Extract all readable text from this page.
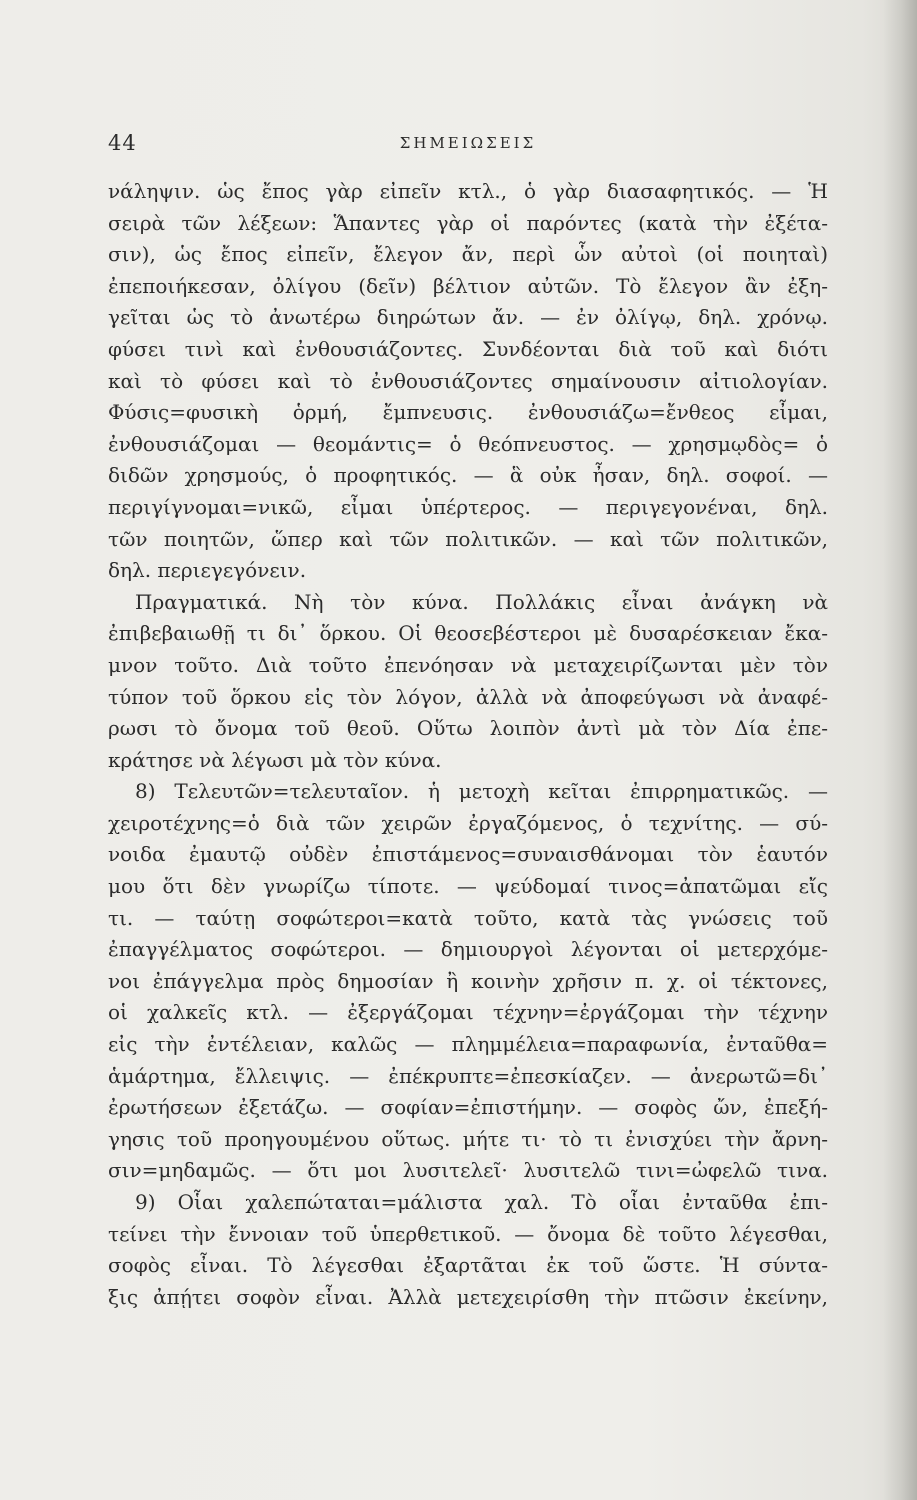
44	ΣΗΜΕΙΩΣΕΙΣ
νάληψιν. ὡς ἔπος γὰρ εἰπεῖν κτλ., ὁ γὰρ διασαφητικός. — Ἡ
σειρὰ τῶν λέξεων: Ἅπαντες γὰρ οἱ παρόντες (κατὰ τὴν ἐξέτα-
σιν), ὡς ἔπος εἰπεῖν, ἔλεγον ἄν, περὶ ὧν αὐτοὶ (οἱ ποιηταὶ)
ἐπεποιήκεσαν, ὀλίγου (δεῖν) βέλτιον αὐτῶν. Τὸ ἔλεγον ἂν ἐξη-
γεῖται ὡς τὸ ἀνωτέρω διηρώτων ἄν. — ἐν ὀλίγῳ, δηλ. χρόνῳ.
φύσει τινὶ καὶ ἐνθουσιάζοντες. Συνδέονται διὰ τοῦ καὶ διότι
καὶ τὸ φύσει καὶ τὸ ἐνθουσιάζοντες σημαίνουσιν αἰτιολογίαν.
Φύσις=φυσικὴ ὁρμή, ἔμπνευσις. ἐνθουσιάζω=ἔνθεος εἶμαι,
ἐνθουσιάζομαι — θεομάντις= ὁ θεόπνευστος. — χρησμῳδὸς= ὁ
διδῶν χρησμούς, ὁ προφητικός. — ἃ οὐκ ἦσαν, δηλ. σοφοί. —
περιγίγνομαι=νικῶ, εἶμαι ὑπέρτερος. — περιγεγονέναι, δηλ.
τῶν ποιητῶν, ὥπερ καὶ τῶν πολιτικῶν. — καὶ τῶν πολιτικῶν,
δηλ. περιεγεγόνειν.
Πραγματικά. Νὴ τὸν κύνα. Πολλάκις εἶναι ἀνάγκη νὰ
ἐπιβεβαιωθῇ τι δι᾽ ὅρκου. Οἱ θεοσεβέστεροι μὲ δυσαρέσκειαν ἔκα-
μνον τοῦτο. Διὰ τοῦτο ἐπενόησαν νὰ μεταχειρίζωνται μὲν τὸν
τύπον τοῦ ὅρκου εἰς τὸν λόγον, ἀλλὰ νὰ ἀποφεύγωσι νὰ ἀναφέ-
ρωσι τὸ ὄνομα τοῦ θεοῦ. Οὕτω λοιπὸν ἀντὶ μὰ τὸν Δία ἐπε-
κράτησε νὰ λέγωσι μὰ τὸν κύνα.
8) Τελευτῶν=τελευταῖον. ἡ μετοχὴ κεῖται ἐπιρρηματικῶς. —
χειροτέχνης=ὁ διὰ τῶν χειρῶν ἐργαζόμενος, ὁ τεχνίτης. — σύ-
νοιδα ἐμαυτῷ οὐδὲν ἐπιστάμενος=συναισθάνομαι τὸν ἑαυτόν
μου ὅτι δὲν γνωρίζω τίποτε. — ψεύδομαί τινος=ἀπατῶμαι εἴς
τι. — ταύτῃ σοφώτεροι=κατὰ τοῦτο, κατὰ τὰς γνώσεις τοῦ
ἐπαγγέλματος σοφώτεροι. — δημιουργοὶ λέγονται οἱ μετερχόμε-
νοι ἐπάγγελμα πρὸς δημοσίαν ἢ κοινὴν χρῆσιν π. χ. οἱ τέκτονες,
οἱ χαλκεῖς κτλ. — ἐξεργάζομαι τέχνην=ἐργάζομαι τὴν τέχνην
εἰς τὴν ἐντέλειαν, καλῶς — πλημμέλεια=παραφωνία, ἐνταῦθα=
ἁμάρτημα, ἔλλειψις. — ἐπέκρυπτε=ἐπεσκίαζεν. — ἀνερωτῶ=δι᾽
ἐρωτήσεων ἐξετάζω. — σοφίαν=ἐπιστήμην. — σοφὸς ὤν, ἐπεξή-
γησις τοῦ προηγουμένου οὕτως. μήτε τι· τὸ τι ἐνισχύει τὴν ἄρνη-
σιν=μηδαμῶς. — ὅτι μοι λυσιτελεῖ· λυσιτελῶ τινι=ὠφελῶ τινα.
9) Οἷαι χαλεπώταται=μάλιστα χαλ. Τὸ οἷαι ἐνταῦθα ἐπι-
τείνει τὴν ἔννοιαν τοῦ ὑπερθετικοῦ. — ὄνομα δὲ τοῦτο λέγεσθαι,
σοφὸς εἶναι. Τὸ λέγεσθαι ἐξαρτᾶται ἐκ τοῦ ὥστε. Ἡ σύντα-
ξις ἀπῄτει σοφὸν εἶναι. Ἀλλὰ μετεχειρίσθη τὴν πτῶσιν ἐκείνην,
